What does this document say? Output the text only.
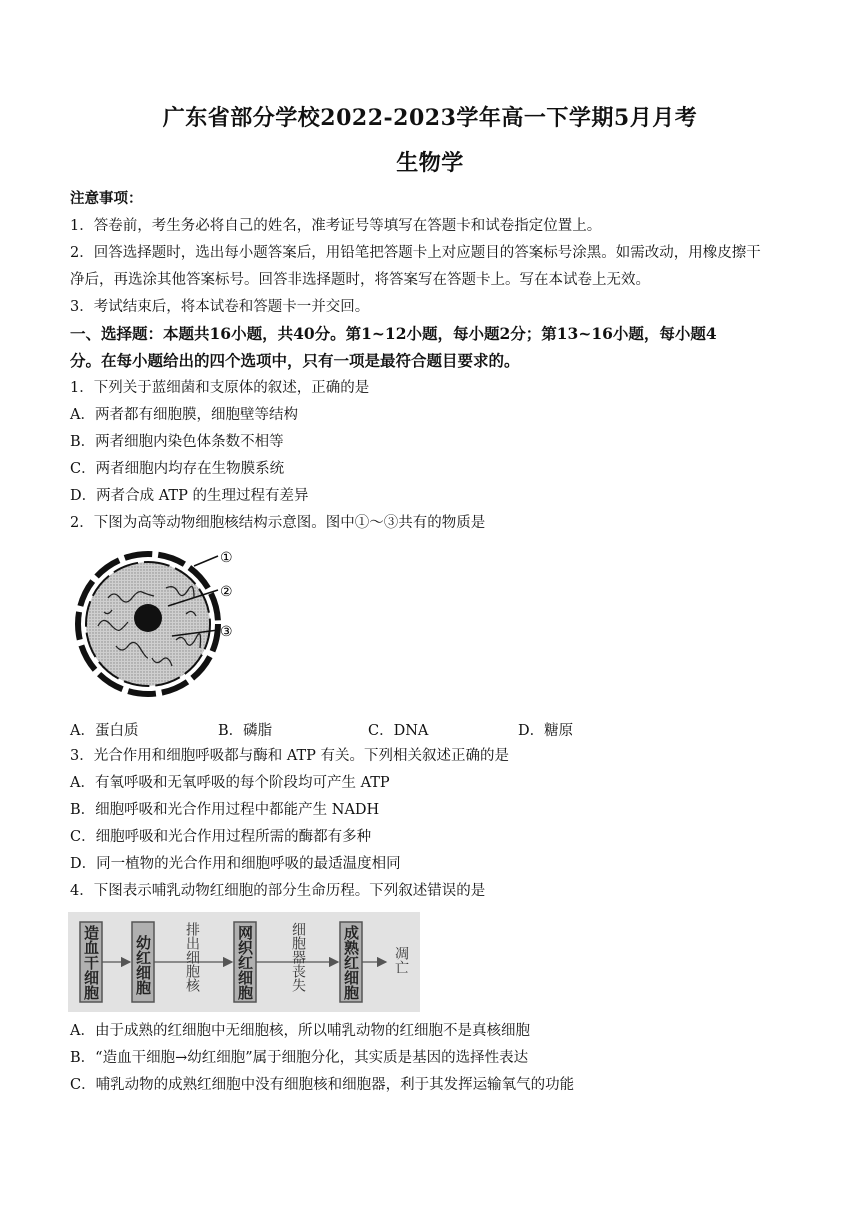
广东省部分学校2022-2023学年高一下学期5月月考
生物学
注意事项：
1．答卷前，考生务必将自己的姓名，准考证号等填写在答题卡和试卷指定位置上。
2．回答选择题时，选出每小题答案后，用铅笔把答题卡上对应题目的答案标号涂黑。如需改动，用橡皮擦干
净后，再选涂其他答案标号。回答非选择题时，将答案写在答题卡上。写在本试卷上无效。
3．考试结束后，将本试卷和答题卡一并交回。
一、选择题：本题共16小题，共40分。第1~12小题，每小题2分；第13~16小题，每小题4
分。在每小题给出的四个选项中，只有一项是最符合题目要求的。
1．下列关于蓝细菌和支原体的叙述，正确的是
A．两者都有细胞膜，细胞壁等结构
B．两者细胞内染色体条数不相等
C．两者细胞内均存在生物膜系统
D．两者合成 ATP 的生理过程有差异
2．下图为高等动物细胞核结构示意图。图中①～③共有的物质是
①
②
③
A．蛋白质	B．磷脂	C．DNA	D．糖原
3．光合作用和细胞呼吸都与酶和 ATP 有关。下列相关叙述正确的是
A．有氧呼吸和无氧呼吸的每个阶段均可产生 ATP
B．细胞呼吸和光合作用过程中都能产生 NADH
C．细胞呼吸和光合作用过程所需的酶都有多种
D．同一植物的光合作用和细胞呼吸的最适温度相同
4．下图表示哺乳动物红细胞的部分生命历程。下列叙述错误的是
造血干细胞 幼红细胞 排出细胞核 网织红细胞	细胞器丧失 成熟红细胞 凋亡
A．由于成熟的红细胞中无细胞核，所以哺乳动物的红细胞不是真核细胞
B．“造血干细胞→幼红细胞”属于细胞分化，其实质是基因的选择性表达
C．哺乳动物的成熟红细胞中没有细胞核和细胞器，利于其发挥运输氧气的功能
